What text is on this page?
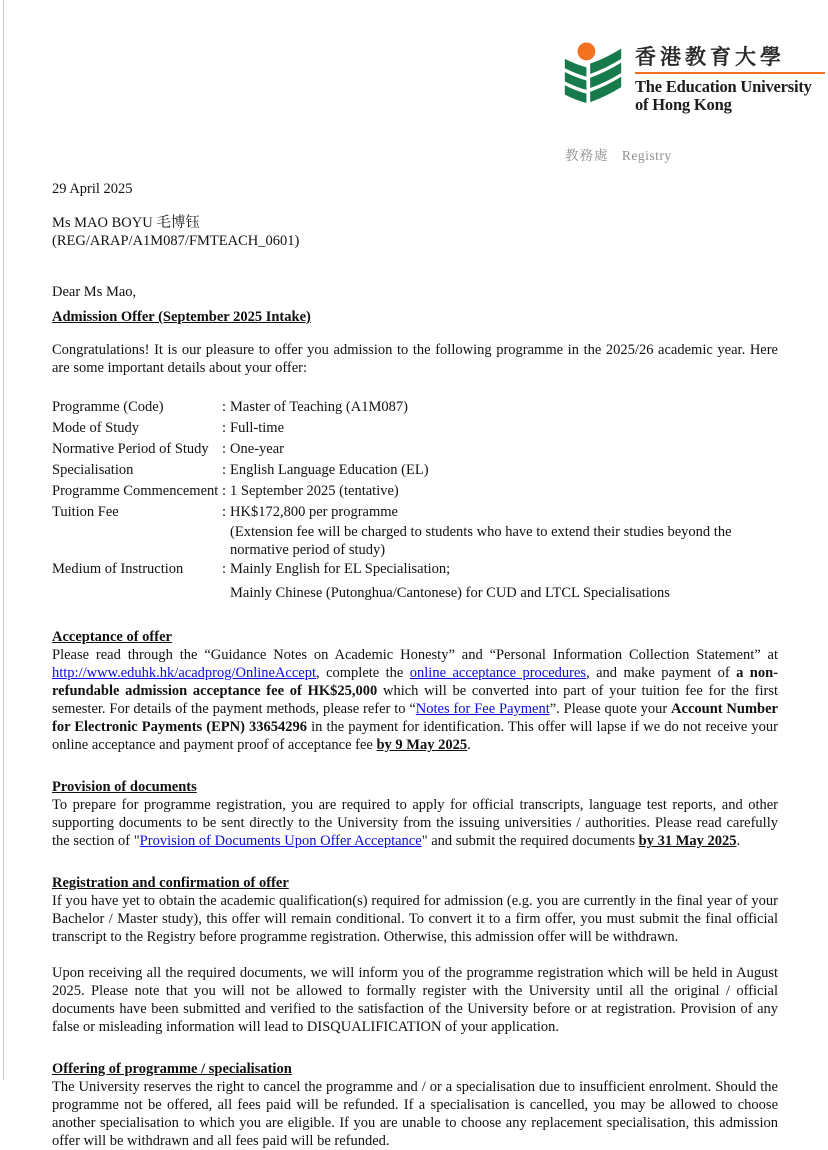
香港教育大學
The Education University
of Hong Kong
教務處 Registry
29 April 2025
Ms MAO BOYU 毛博钰
(REG/ARAP/A1M087/FMTEACH_0601)
Dear Ms Mao,
Admission Offer (September 2025 Intake)

Congratulations! It is our pleasure to offer you admission to the following programme in the 2025/26 academic year. Here are some important details about your offer:

Programme (Code)	: Master of Teaching (A1M087)
Mode of Study	: Full-time
Normative Period of Study : One-year
Specialisation	: English Language Education (EL)
Programme Commencement : 1 September 2025 (tentative)
Tuition Fee	: HK$172,800 per programme
(Extension fee will be charged to students who have to extend their studies beyond the normative period of study)
Medium of Instruction	: Mainly English for EL Specialisation;
Mainly Chinese (Putonghua/Cantonese) for CUD and LTCL Specialisations
Acceptance of offer

Please read through the “Guidance Notes on Academic Honesty” and “Personal Information Collection Statement” at http://www.eduhk.hk/acadprog/OnlineAccept, complete the online acceptance procedures, and make payment of a non-refundable admission acceptance fee of HK$25,000 which will be converted into part of your tuition fee for the first semester. For details of the payment methods, please refer to “Notes for Fee Payment”. Please quote your Account Number for Electronic Payments (EPN) 33654296 in the payment for identification. This offer will lapse if we do not receive your online acceptance and payment proof of acceptance fee by 9 May 2025.

Provision of documents

To prepare for programme registration, you are required to apply for official transcripts, language test reports, and other supporting documents to be sent directly to the University from the issuing universities / authorities. Please read carefully the section of "Provision of Documents Upon Offer Acceptance" and submit the required documents by 31 May 2025.

Registration and confirmation of offer

If you have yet to obtain the academic qualification(s) required for admission (e.g. you are currently in the final year of your Bachelor / Master study), this offer will remain conditional. To convert it to a firm offer, you must submit the final official transcript to the Registry before programme registration. Otherwise, this admission offer will be withdrawn.

Upon receiving all the required documents, we will inform you of the programme registration which will be held in August 2025. Please note that you will not be allowed to formally register with the University until all the original / official documents have been submitted and verified to the satisfaction of the University before or at registration. Provision of any false or misleading information will lead to DISQUALIFICATION of your application.

Offering of programme / specialisation

The University reserves the right to cancel the programme and / or a specialisation due to insufficient enrolment. Should the programme not be offered, all fees paid will be refunded. If a specialisation is cancelled, you may be allowed to choose another specialisation to which you are eligible. If you are unable to choose any replacement specialisation, this admission offer will be withdrawn and all fees paid will be refunded.
